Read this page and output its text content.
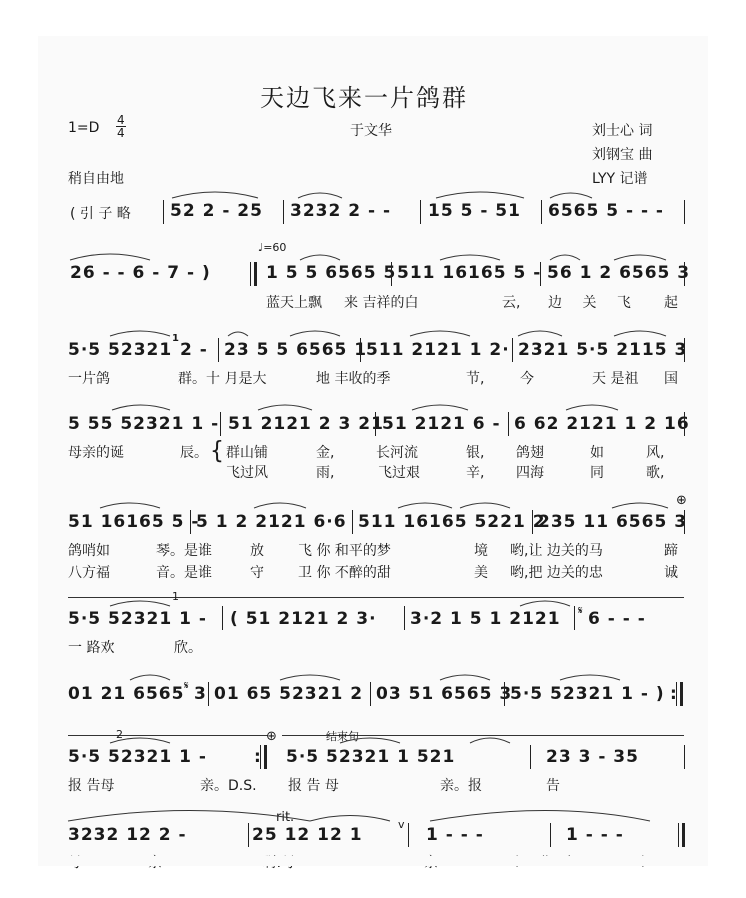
天边飞来一片鸽群
1=D 4
4	于文华	刘士心 词
刘钢宝 曲
稍自由地	LYY 记谱
( 引 子 略 52 2 - 25 3232 2 - - 15 5 - 51 6565 5 - - -
♩=60
26 - - 6 - 7 - )	1 5 5 6565 5 511 16165 5 - 56 1 2 6565 3
蓝天上飘 来 吉祥的白	云, 边 关 飞 起
5·5 52321
1
2 - 23 5 5 6565 1
511 2121 1 2· 2321 5·5 2115 3
一片鸽	群。十 月是大	地 丰收的季	节,	今	天 是祖 国
5 55 52321 1 - 51 2121 2 3 21
51 2121 6 - 6 62 2121 1 2 16
母亲的诞	辰。 { 群山铺	金,	长河流	银, 鸽翅	如	风,
飞过风	雨,	飞过艰	辛, 四海	同	歌,
51 16165 5 -
5 1 2 2121 6·6 511 16165 5221 2
235 11 6565 3
⊕
鸽哨如	琴。是谁	放 飞 你 和平的梦	境 哟,让 边关的马	蹄
八方福	音。是谁	守 卫 你 不醉的甜	美 哟,把 边关的忠	诚
1
5·5 52321 1 - ( 51 2121 2 3· 3·2 1 5 1 2121 𝄋 6 - - -
一 路欢	欣。
01 21 6565 𝄋 3 01 65 52321 2 03 51 6565 3
5·5 52321 1 - ) :
2	结束句
⊕
5·5 52321 1 -	: 5·5 52321 1 521	23 3 - 35
报 告母	亲。D.S. 报 告 母	亲。报	告
rit.
3232 12 2 -	25 12 12 1
v
1 - - -	1 - - -
